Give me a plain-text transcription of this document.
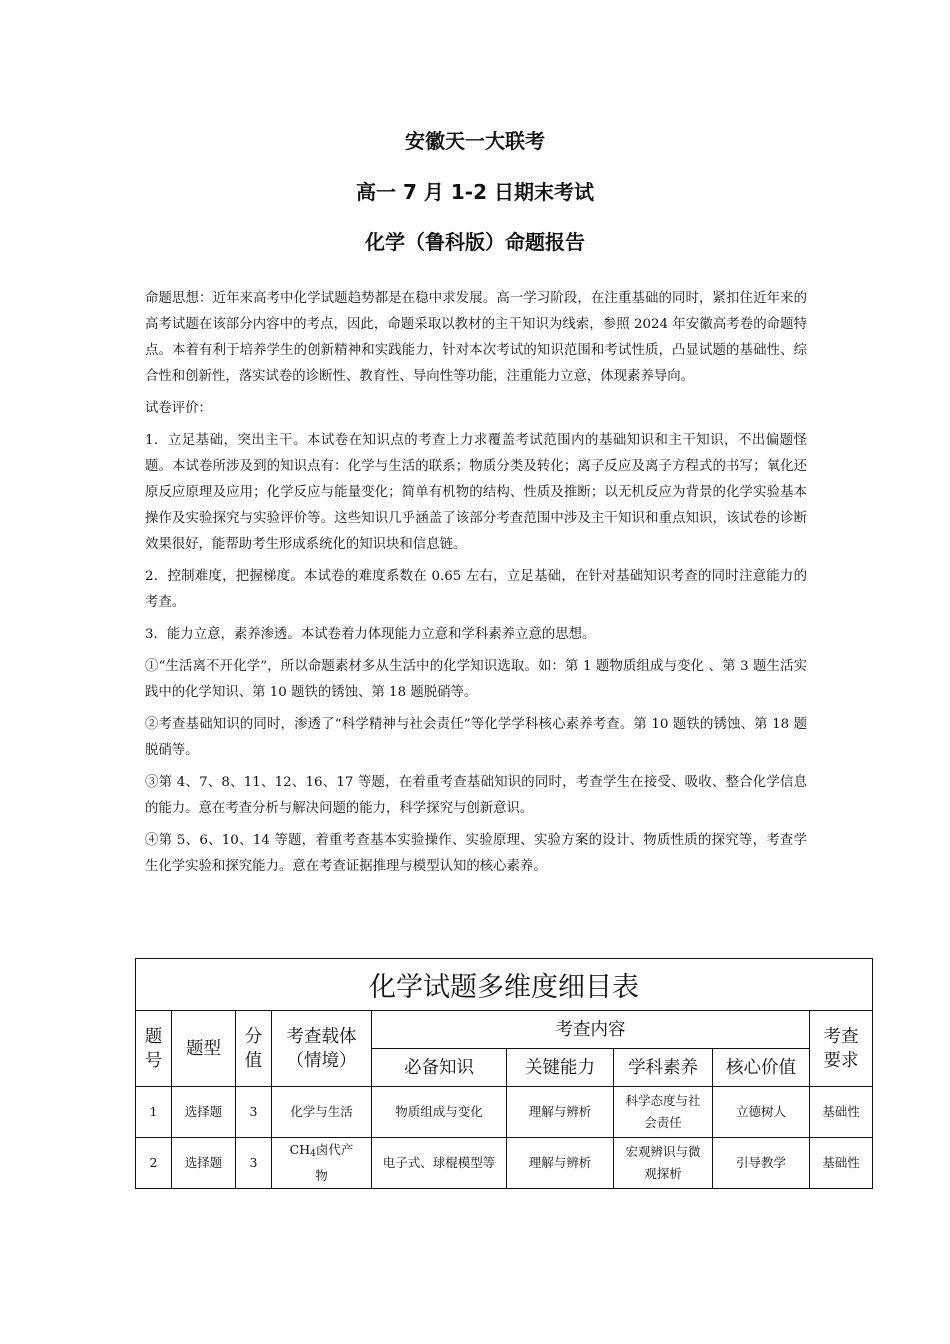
安徽天一大联考
高一 7 月 1-2 日期末考试
化学（鲁科版）命题报告

命题思想：近年来高考中化学试题趋势都是在稳中求发展。高一学习阶段，在注重基础的同时，紧扣住近年来的高考试题在该部分内容中的考点，因此，命题采取以教材的主干知识为线索，参照 2024 年安徽高考卷的命题特点。本着有利于培养学生的创新精神和实践能力，针对本次考试的知识范围和考试性质，凸显试题的基础性、综合性和创新性，落实试卷的诊断性、教育性、导向性等功能，注重能力立意，体现素养导向。

试卷评价：

1．立足基础，突出主干。本试卷在知识点的考查上力求覆盖考试范围内的基础知识和主干知识，不出偏题怪题。本试卷所涉及到的知识点有：化学与生活的联系；物质分类及转化；离子反应及离子方程式的书写；氧化还原反应原理及应用；化学反应与能量变化；简单有机物的结构、性质及推断；以无机反应为背景的化学实验基本操作及实验探究与实验评价等。这些知识几乎涵盖了该部分考查范围中涉及主干知识和重点知识，该试卷的诊断效果很好，能帮助考生形成系统化的知识块和信息链。

2．控制难度，把握梯度。本试卷的难度系数在 0.65 左右，立足基础，在针对基础知识考查的同时注意能力的考查。

3．能力立意，素养渗透。本试卷着力体现能力立意和学科素养立意的思想。

①“生活离不开化学”，所以命题素材多从生活中的化学知识选取。如：第 1 题物质组成与变化 、第 3 题生活实践中的化学知识、第 10 题铁的锈蚀、第 18 题脱硝等。

②考查基础知识的同时，渗透了“科学精神与社会责任”等化学学科核心素养考查。第 10 题铁的锈蚀、第 18 题脱硝等。

③第 4、7、8、11、12、16、17 等题，在着重考查基础知识的同时，考查学生在接受、吸收、整合化学信息的能力。意在考查分析与解决问题的能力，科学探究与创新意识。

④第 5、6、10、14 等题，着重考查基本实验操作、实验原理、实验方案的设计、物质性质的探究等，考查学生化学实验和探究能力。意在考查证据推理与模型认知的核心素养。

化学试题多维度细目表								
题号	题型	分值	考查载体（情境）	考查内容				考查要求
				必备知识	关键能力	学科素养	核心价值	
1	选择题	3	化学与生活	物质组成与变化	理解与辨析	科学态度与社会责任	立德树人	基础性
2	选择题	3	$CH_4$卤代产物	电子式、球棍模型等	理解与辨析	宏观辨识与微观探析	引导教学	基础性
